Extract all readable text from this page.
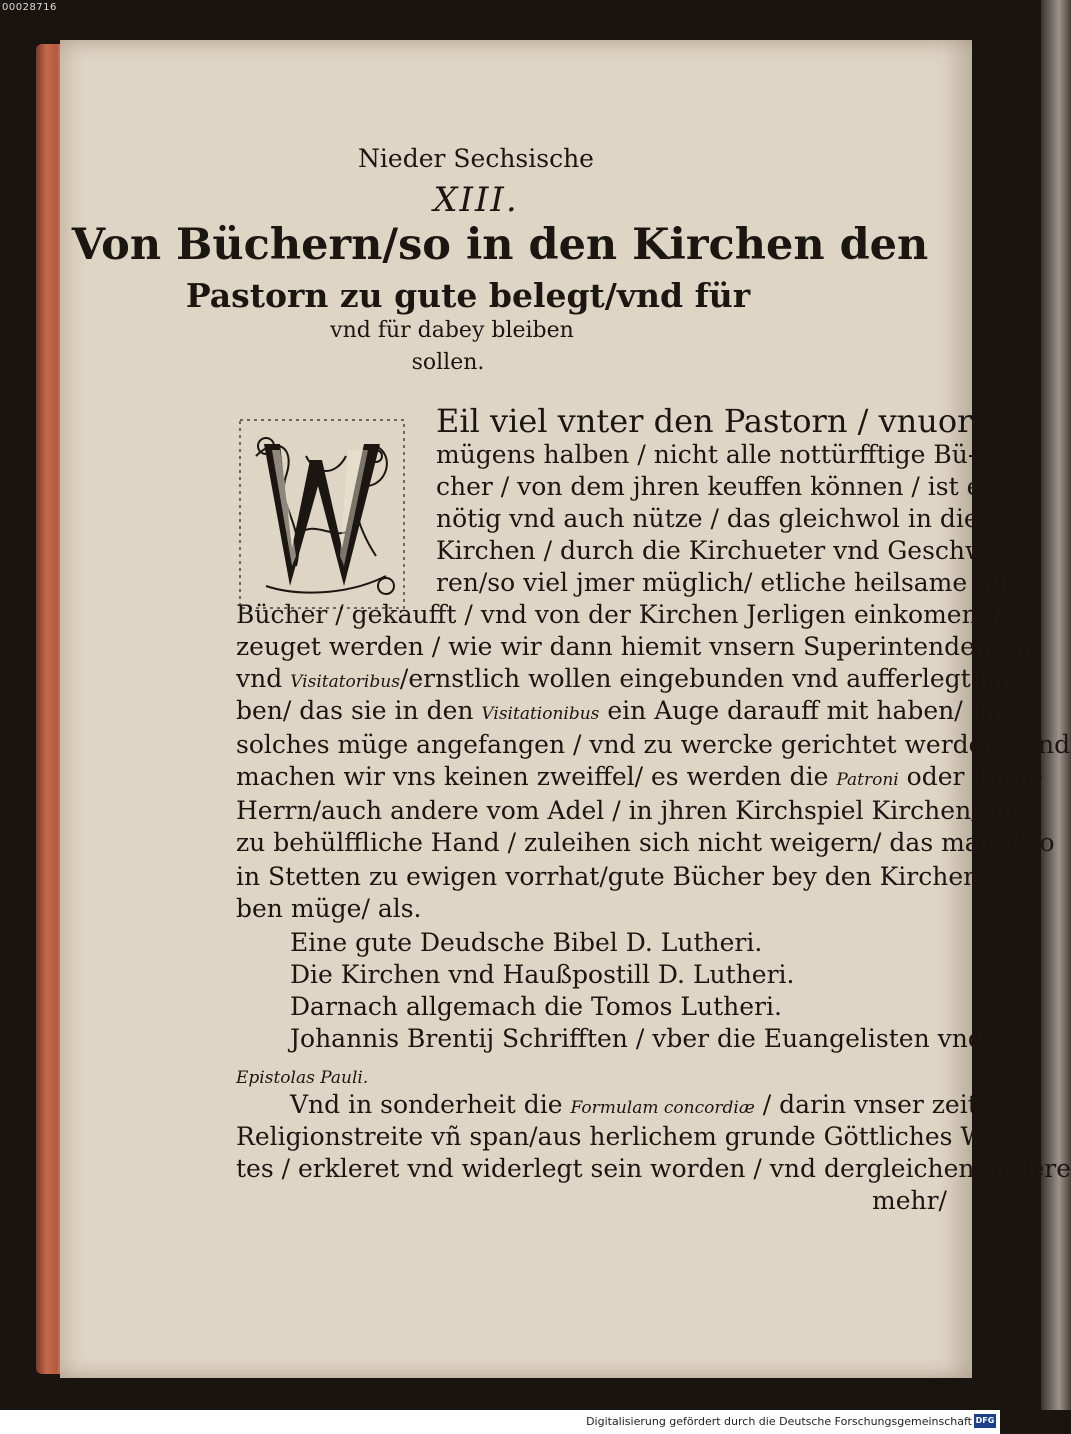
00028716
Nieder Sechsische
XIII.
Von Büchern/so in den Kirchen den
Pastorn zu gute belegt/vnd für
vnd für dabey bleiben
sollen.
Eil viel vnter den Pastorn / vnuor-
mügens halben / nicht alle nottürfftige Bü-
cher / von dem jhren keuffen können / ist es
nötig vnd auch nütze / das gleichwol in die
Kirchen / durch die Kirchueter vnd Geschwo-
ren/so viel jmer müglich/ etliche heilsame gute
Bücher / gekaufft / vnd von der Kirchen Jerligen einkomen ge-
zeuget werden / wie wir dann hiemit vnsern Superintendenten
vnd Visitatoribus/ernstlich wollen eingebunden vnd aufferlegt ha-
ben/ das sie in den Visitationibus ein Auge darauff mit haben/ das
solches müge angefangen / vnd zu wercke gerichtet werden / vnd
machen wir vns keinen zweiffel/ es werden die Patroni oder Leen-
Herrn/auch andere vom Adel / in jhren Kirchspiel Kirchen/ hir
zu behülffliche Hand / zuleihen sich nicht weigern/ das man also
in Stetten zu ewigen vorrhat/gute Bücher bey den Kirchen ha-
ben müge/ als.
Eine gute Deudsche Bibel D. Lutheri.
Die Kirchen vnd Haußpostill D. Lutheri.
Darnach allgemach die Tomos Lutheri.
Johannis Brentij Schrifften / vber die Euangelisten vnd
Epistolas Pauli.
Vnd in sonderheit die Formulam concordiæ / darin vnser zeit
Religionstreite vñ span/aus herlichem grunde Göttliches Wor-
tes / erkleret vnd widerlegt sein worden / vnd dergleichen andere
mehr/
Digitalisierung gefördert durch die Deutsche Forschungsgemeinschaft DFG
